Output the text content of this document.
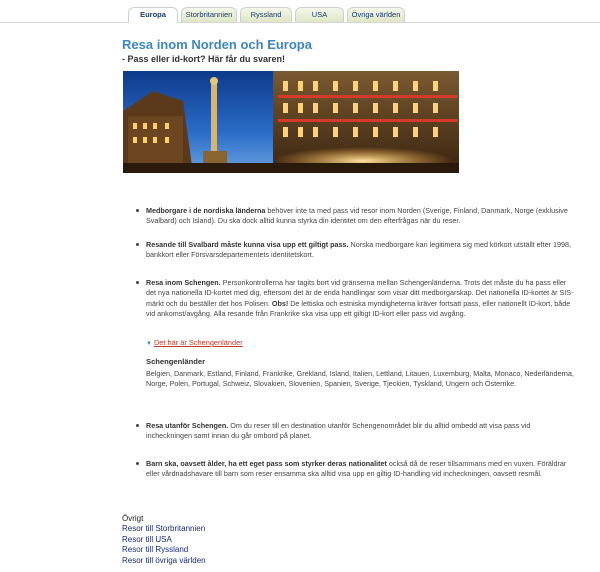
Europa	Storbritannien	Ryssland	USA	Övriga världen
Resa inom Norden och Europa
- Pass eller id-kort? Här får du svaren!
Medborgare i de nordiska länderna behöver inte ta med pass vid resor inom Norden (Sverige, Finland, Danmark, Norge (exklusive Svalbard) och Island). Du ska dock alltid kunna styrka din identitet om den efterfrågas när du reser.
Resande till Svalbard måste kunna visa upp ett giltigt pass. Norska medborgare kan legitimera sig med körkort utställt efter 1998, bankkort eller Försvarsdepartementets identitetskort.
Resa inom Schengen. Personkontrollerna har tagits bort vid gränserna mellan Schengenländerna. Trots det måste du ha pass eller det nya nationella ID-kortet med dig, eftersom det är de enda handlingar som visar ditt medborgarskap. Det nationella ID-kortet är SIS-märkt och du beställer det hos Polisen. Obs! De lettiska och estniska myndigheterna kräver fortsatt pass, eller nationellt ID-kort, både vid ankomst/avgång. Alla resande från Frankrike ska visa upp ett giltigt ID-kort eller pass vid avgång.
Resa utanför Schengen. Om du reser till en destination utanför Schengenområdet blir du alltid ombedd att visa pass vid incheckningen samt innan du går ombord på planet.
Barn ska, oavsett ålder, ha ett eget pass som styrker deras nationalitet också då de reser tillsammans med en vuxen. Föräldrar eller vårdnadshavare till barn som reser ensamma ska alltid visa upp en giltig ID-handling vid incheckningen, oavsett resmål.
▼ Det här är Schengenländer
Schengenländer
Belgien, Danmark, Estland, Finland, Frankrike, Grekland, Island, Italien, Lettland, Litauen, Luxemburg, Malta, Monaco, Nederländerna, Norge, Polen, Portugal, Schweiz, Slovakien, Slovenien, Spanien, Sverige, Tjeckien, Tyskland, Ungern och Österrike.
Övrigt
Resor till Storbritannien
Resor till USA
Resor till Ryssland
Resor till övriga världen
